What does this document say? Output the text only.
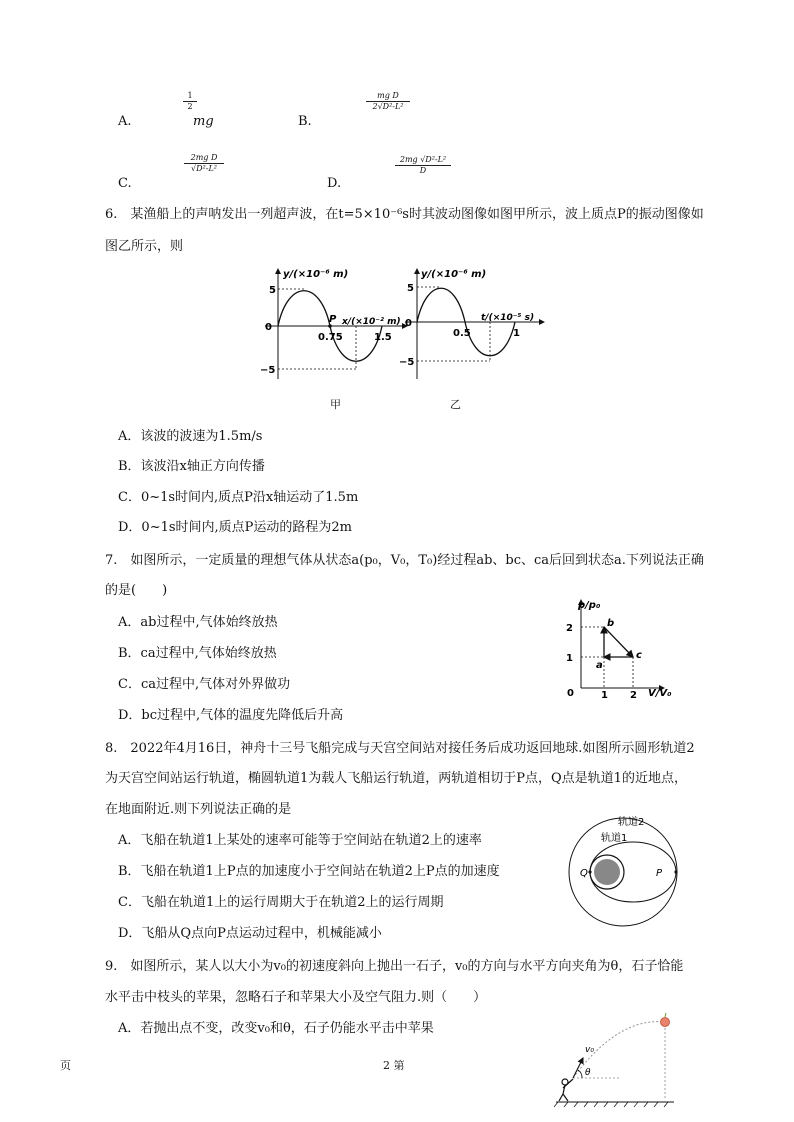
A.
$\frac{1}{2}$
mg	B.
$\frac{\text{mg D}}{\text{2√D²-L²}}$
C.
$\frac{\text{2mg D}}{\text{√D²-L²}}$
D.
$\frac{\text{2mg √D²-L²}}{D}$
6.　某渔船上的声呐发出一列超声波，在t=5×10⁻⁶s时其波动图像如图甲所示，波上质点P的振动图像如
图乙所示，则
y/(×10⁻⁶ m)
5
0
−5
P x/(×10⁻² m)
0.75	1.5
y/(×10⁻⁶ m)
5
0
−5
t/(×10⁻⁵ s)
0.5	1
甲	乙
A．该波的波速为1.5m/s
B．该波沿x轴正方向传播
C．0~1s时间内,质点P沿x轴运动了1.5m
D．0~1s时间内,质点P运动的路程为2m
7.　如图所示，一定质量的理想气体从状态a(p₀，V₀，T₀)经过程ab、bc、ca后回到状态a.下列说法正确
的是(　　)
A．ab过程中,气体始终放热
B．ca过程中,气体始终放热
C．ca过程中,气体对外界做功
D．bc过程中,气体的温度先降低后升高
p/p₀
2
1
0	1 2 V/V₀
a
b
c
8.　2022年4月16日，神舟十三号飞船完成与天宫空间站对接任务后成功返回地球.如图所示圆形轨道2
为天宫空间站运行轨道，椭圆轨道1为载人飞船运行轨道，两轨道相切于P点，Q点是轨道1的近地点，
在地面附近.则下列说法正确的是
A．飞船在轨道1上某处的速率可能等于空间站在轨道2上的速率
B．飞船在轨道1上P点的加速度小于空间站在轨道2上P点的加速度
C．飞船在轨道1上的运行周期大于在轨道2上的运行周期
D．飞船从Q点向P点运动过程中，机械能减小
轨道2
轨道1
Q	P
9.　如图所示，某人以大小为v₀的初速度斜向上抛出一石子，v₀的方向与水平方向夹角为θ，石子恰能
水平击中枝头的苹果，忽略石子和苹果大小及空气阻力.则（　　）
A．若抛出点不变，改变v₀和θ，石子仍能水平击中苹果
v₀
θ
页	2 第
